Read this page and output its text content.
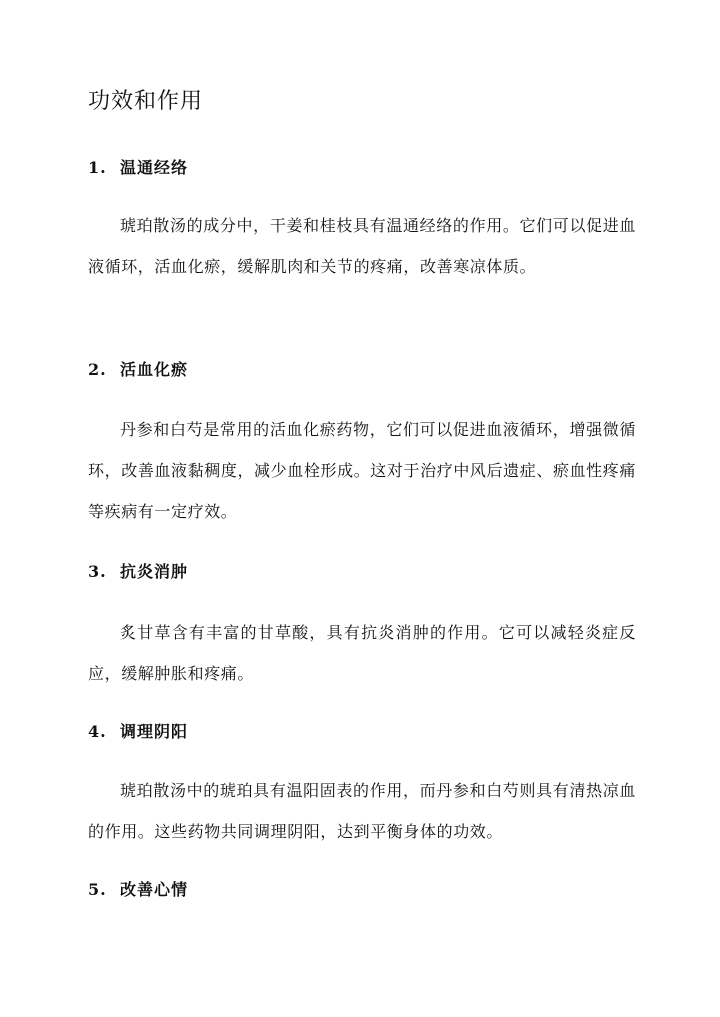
功效和作用
1. 温通经络

琥珀散汤的成分中，干姜和桂枝具有温通经络的作用。它们可以促进血液循环，活血化瘀，缓解肌肉和关节的疼痛，改善寒凉体质。

2. 活血化瘀

丹参和白芍是常用的活血化瘀药物，它们可以促进血液循环，增强微循环，改善血液黏稠度，减少血栓形成。这对于治疗中风后遗症、瘀血性疼痛等疾病有一定疗效。

3. 抗炎消肿

炙甘草含有丰富的甘草酸，具有抗炎消肿的作用。它可以减轻炎症反应，缓解肿胀和疼痛。

4. 调理阴阳

琥珀散汤中的琥珀具有温阳固表的作用，而丹参和白芍则具有清热凉血的作用。这些药物共同调理阴阳，达到平衡身体的功效。

5. 改善心情
